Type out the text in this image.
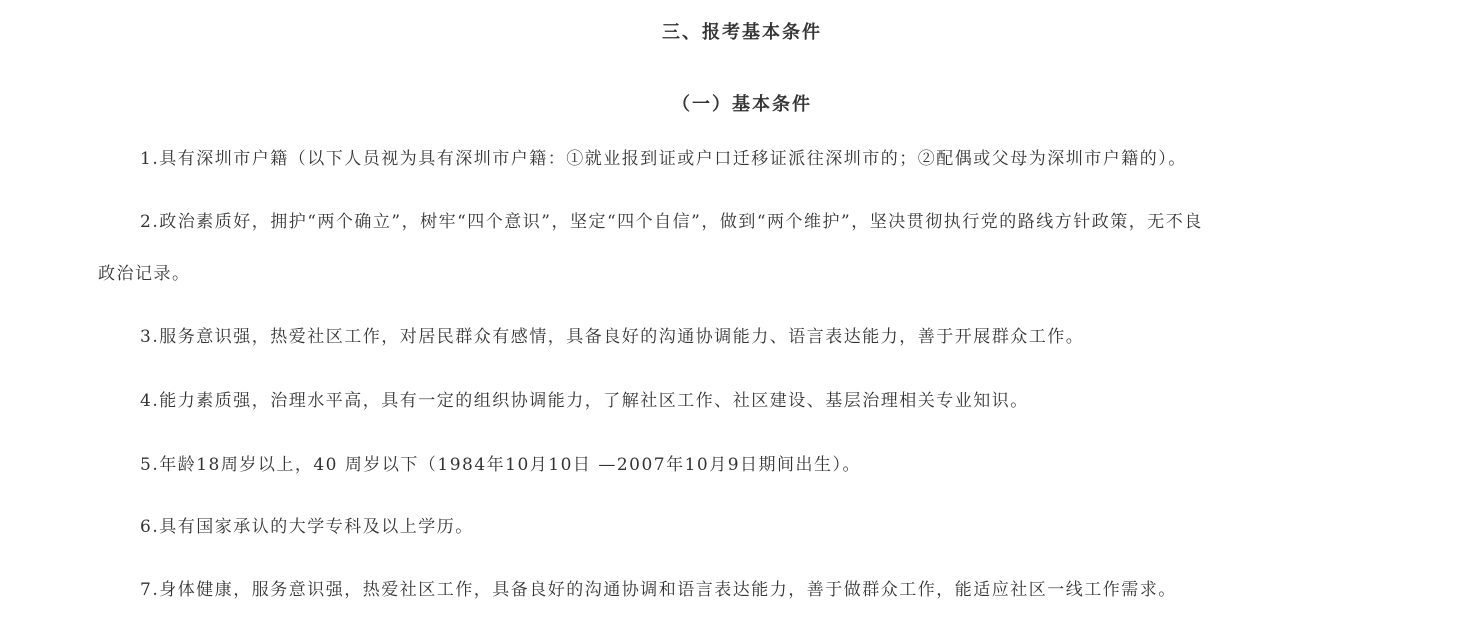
三、报考基本条件
（一）基本条件
1.具有深圳市户籍（以下人员视为具有深圳市户籍：①就业报到证或户口迁移证派往深圳市的；②配偶或父母为深圳市户籍的）。
2.政治素质好，拥护“两个确立”，树牢“四个意识”，坚定“四个自信”，做到“两个维护”，坚决贯彻执行党的路线方针政策，无不良
政治记录。
3.服务意识强，热爱社区工作，对居民群众有感情，具备良好的沟通协调能力、语言表达能力，善于开展群众工作。
4.能力素质强，治理水平高，具有一定的组织协调能力，了解社区工作、社区建设、基层治理相关专业知识。
5.年龄18周岁以上，40 周岁以下（1984年10月10日 —2007年10月9日期间出生）。
6.具有国家承认的大学专科及以上学历。
7.身体健康，服务意识强，热爱社区工作，具备良好的沟通协调和语言表达能力，善于做群众工作，能适应社区一线工作需求。
